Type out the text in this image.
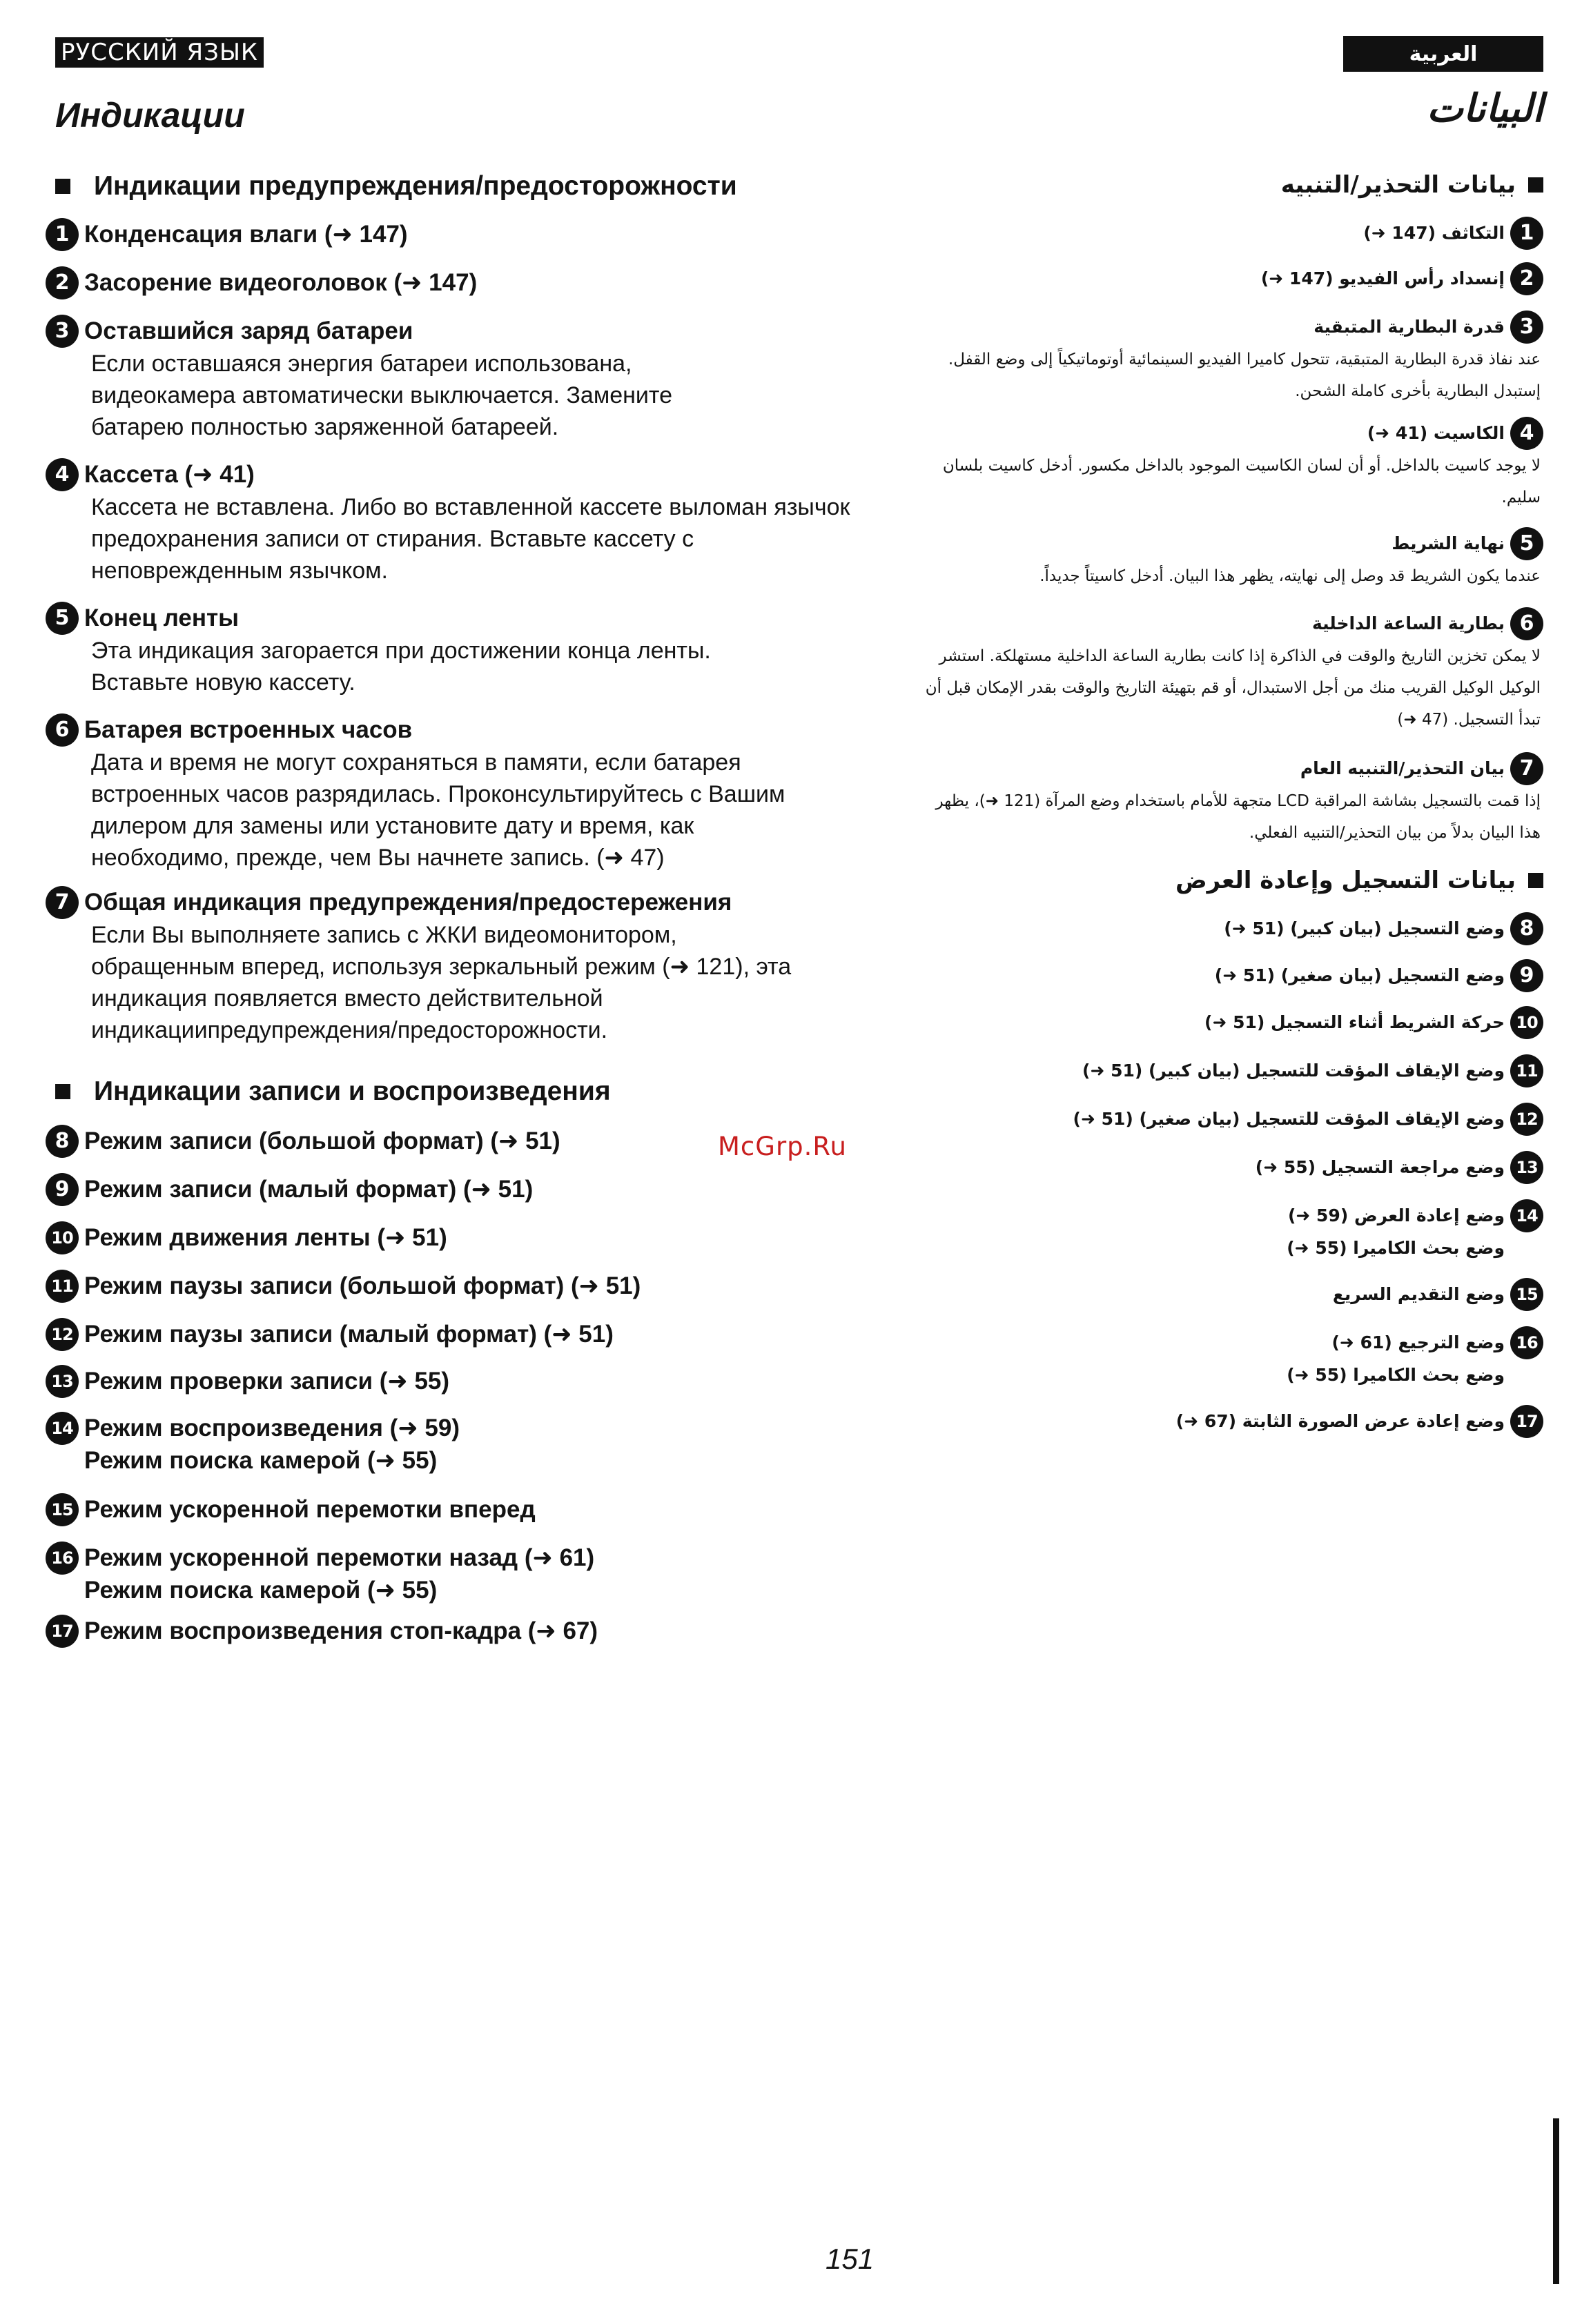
РУССКИЙ ЯЗЫК	العربية
Индикации	البيانات
Индикации предупреждения/предосторожности
1 Конденсация влаги (➜ 147)
2 Засорение видеоголовок (➜ 147)
3 Оставшийся заряд батареи
Если оставшаяся энергия батареи использована, видеокамера автоматически выключается. Замените батарею полностью заряженной батареей.
4 Кассета (➜ 41)
Кассета не вставлена. Либо во вставленной кассете выломан язычок предохранения записи от стирания. Вставьте кассету с неповрежденным язычком.
5 Конец ленты
Эта индикация загорается при достижении конца ленты. Вставьте новую кассету.
6 Батарея встроенных часов
Дата и время не могут сохраняться в памяти, если батарея встроенных часов разрядилась. Проконсультируйтесь с Вашим дилером для замены или установите дату и время, как необходимо, прежде, чем Вы начнете запись. (➜ 47)
7 Общая индикация предупреждения/предостережения
Если Вы выполняете запись с ЖКИ видеомонитором, обращенным вперед, используя зеркальный режим (➜ 121), эта индикация появляется вместо действительной индикациипредупреждения/предосторожности.
Индикации записи и воспроизведения
8 Режим записи (большой формат) (➜ 51)
9 Режим записи (малый формат) (➜ 51)
10 Режим движения ленты (➜ 51)
11 Режим паузы записи (большой формат) (➜ 51)
12 Режим паузы записи (малый формат) (➜ 51)
13 Режим проверки записи (➜ 55)
14 Режим воспроизведения (➜ 59)
Режим поиска камерой (➜ 55)
15 Режим ускоренной перемотки вперед
16 Режим ускоренной перемотки назад (➜ 61)
Режим поиска камерой (➜ 55)
17 Режим воспроизведения стоп-кадра (➜ 67)
بيانات التحذير/التنبيه
1
التكاثف (147 ➜)
2
إنسداد رأس الفيديو (147 ➜)
3
قدرة البطارية المتبقية
عند نفاذ قدرة البطارية المتبقية، تتحول كاميرا الفيديو السينمائية أوتوماتيكياً إلى وضع القفل. إستبدل البطارية بأخرى كاملة الشحن.
4
الكاسيت (41 ➜)
لا يوجد كاسيت بالداخل. أو أن لسان الكاسيت الموجود بالداخل مكسور. أدخل كاسيت بلسان سليم.
5
نهاية الشريط
عندما يكون الشريط قد وصل إلى نهايته، يظهر هذا البيان. أدخل كاسيتاً جديداً.
6
بطارية الساعة الداخلية
لا يمكن تخزين التاريخ والوقت في الذاكرة إذا كانت بطارية الساعة الداخلية مستهلكة. استشر الوكيل الوكيل القريب منك من أجل الاستبدال، أو قم بتهيئة التاريخ والوقت بقدر الإمكان قبل أن تبدأ التسجيل. (47 ➜)
7
بيان التحذير/التنبيه العام
إذا قمت بالتسجيل بشاشة المراقبة LCD متجهة للأمام باستخدام وضع المرآة (121 ➜)، يظهر هذا البيان بدلاً من بيان التحذير/التنبيه الفعلي.
بيانات التسجيل وإعادة العرض
8
وضع التسجيل (بيان كبير) (51 ➜)
9
وضع التسجيل (بيان صغير) (51 ➜)
10
حركة الشريط أثناء التسجيل (51 ➜)
11
وضع الإيقاف المؤقت للتسجيل (بيان كبير) (51 ➜)
12
وضع الإيقاف المؤقت للتسجيل (بيان صغير) (51 ➜)
13
وضع مراجعة التسجيل (55 ➜)
14
وضع إعادة العرض (59 ➜)
وضع بحث الكاميرا (55 ➜)
15
وضع التقديم السريع
16
وضع الترجيع (61 ➜)
وضع بحث الكاميرا (55 ➜)
17
وضع إعادة عرض الصورة الثابتة (67 ➜)
McGrp.Ru
151
